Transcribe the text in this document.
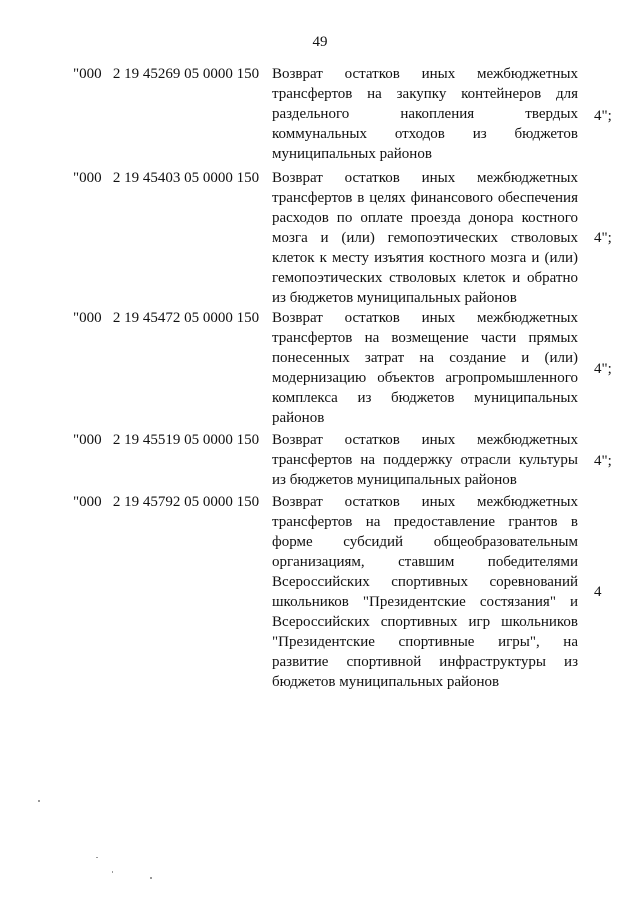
49
"000   2 19 45269 05 0000 150 Возврат остатков иных межбюджетных трансфертов на закупку контейнеров для раздельного накопления твердых коммунальных отходов из бюджетов муниципальных районов
4";
"000   2 19 45403 05 0000 150 Возврат остатков иных межбюджетных трансфертов в целях финансового обеспечения расходов по оплате проезда донора костного мозга и (или) гемопоэтических стволовых клеток к месту изъятия костного мозга и (или) гемопоэтических стволовых клеток и обратно из бюджетов муниципальных районов
4";
"000   2 19 45472 05 0000 150 Возврат остатков иных межбюджетных трансфертов на возмещение части прямых понесенных затрат на создание и (или) модернизацию объектов агропромышленного комплекса из бюджетов муниципальных районов
4";
"000   2 19 45519 05 0000 150 Возврат остатков иных межбюджетных трансфертов на поддержку отрасли культуры из бюджетов муниципальных районов
4";
"000   2 19 45792 05 0000 150 Возврат остатков иных межбюджетных трансфертов на предоставление грантов в форме субсидий общеобразовательным организациям, ставшим победителями Всероссийских спортивных соревнований школьников "Президентские состязания" и Всероссийских спортивных игр школьников "Президентские спортивные игры", на развитие спортивной инфраструктуры из бюджетов муниципальных районов
4
